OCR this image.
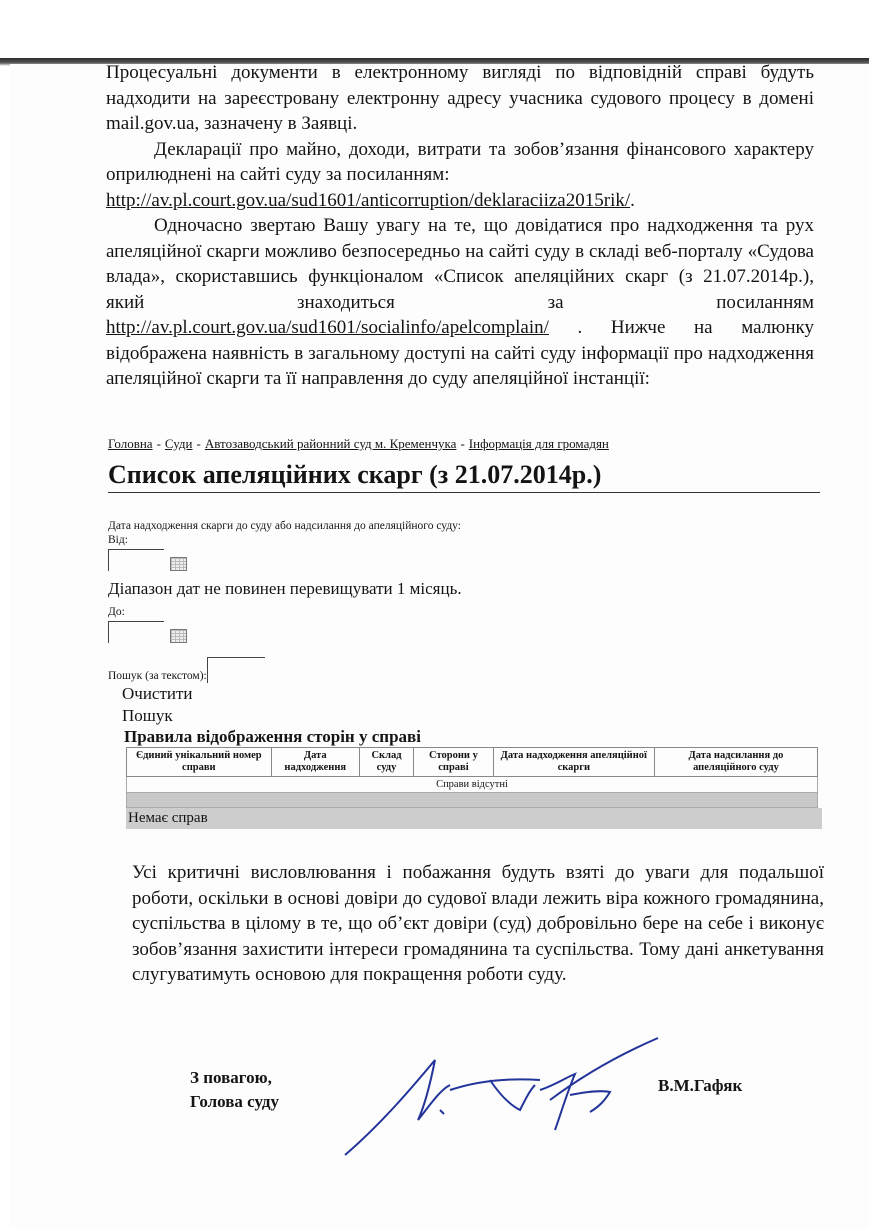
Процесуальні документи в електронному вигляді по відповідній справі будуть надходити на зареєстровану електронну адресу учасника судового процесу в домені mail.gov.ua, зазначену в Заявці.

Декларації про майно, доходи, витрати та зобов’язання фінансового характеру оприлюднені на сайті суду за посиланням:
http://av.pl.court.gov.ua/sud1601/anticorruption/deklaraciiza2015rik/.

Одночасно звертаю Вашу увагу на те, що довідатися про надходження та рух апеляційної скарги можливо безпосередньо на сайті суду в складі веб-порталу «Судова влада», скориставшись функціоналом «Список апеляційних скарг (з 21.07.2014р.), який знаходиться за посиланням http://av.pl.court.gov.ua/sud1601/socialinfo/apelcomplain/ . Нижче на малюнку відображена наявність в загальному доступі на сайті суду інформації про надходження апеляційної скарги та її направлення до суду апеляційної інстанції:

Головна - Суди - Автозаводський районний суд м. Кременчука - Інформація для громадян
Список апеляційних скарг (з 21.07.2014р.)
Дата надходження скарги до суду або надсилання до апеляційного суду:
Від:
Діапазон дат не повинен перевищувати 1 місяць.
До:
Пошук (за текстом):
Очистити
Пошук
Правила відображення сторін у справі
Єдиний унікальний номер справи	Дата надходження	Склад суду	Сторони у справі	Дата надходження апеляційної скарги	Дата надсилання до апеляційного суду
Справи відсутні

Немає справ

Усі критичні висловлювання і побажання будуть взяті до уваги для подальшої роботи, оскільки в основі довіри до судової влади лежить віра кожного громадянина, суспільства в цілому в те, що об’єкт довіри (суд) добровільно бере на себе і виконує зобов’язання захистити інтереси громадянина та суспільства. Тому дані анкетування слугуватимуть основою для покращення роботи суду.

З повагою,
Голова суду
В.М.Гафяк
